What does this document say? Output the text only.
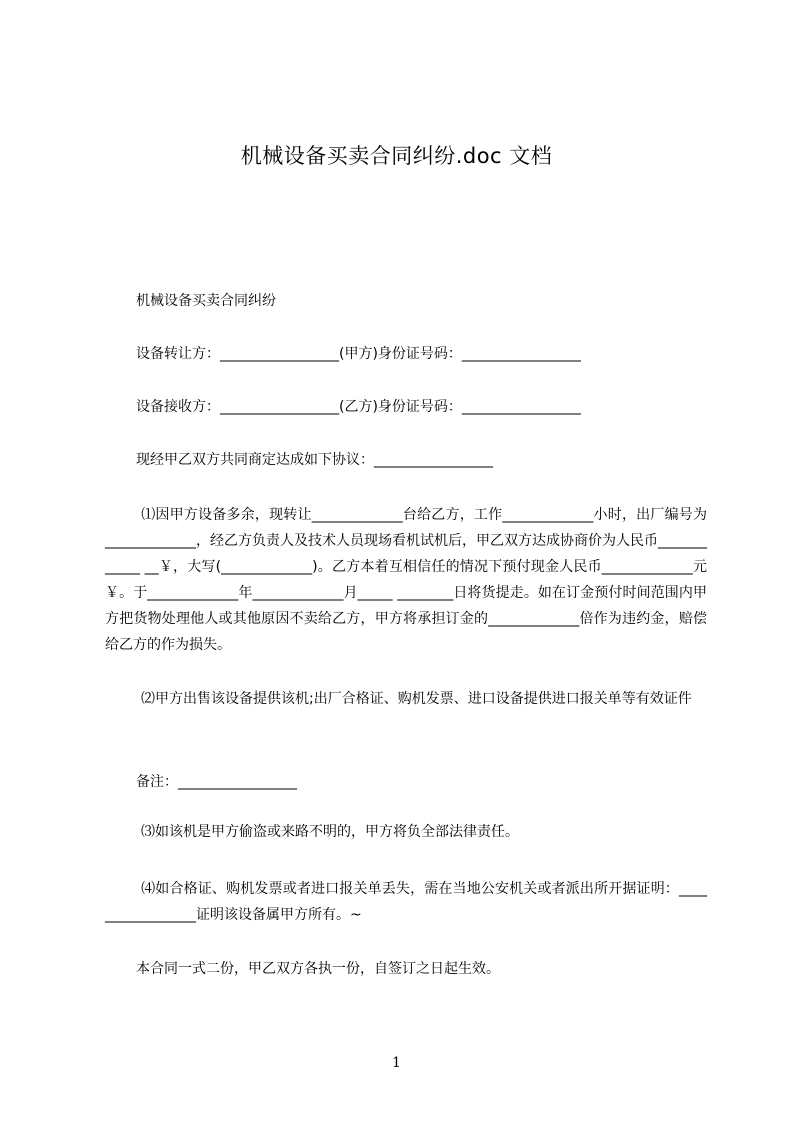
机械设备买卖合同纠纷.doc 文档
机械设备买卖合同纠纷
设备转让方：_________________(甲方)身份证号码：_________________
设备接收方：_________________(乙方)身份证号码：_________________
现经甲乙双方共同商定达成如下协议：_________________
⑴因甲方设备多余，现转让_____________台给乙方，工作_____________小时，出厂编号为_____________，经乙方负责人及技术人员现场看机试机后，甲乙双方达成协商价为人民币____________ __￥，大写(_____________)。乙方本着互相信任的情况下预付现金人民币_____________元￥。于_____________年_____________月_____ ________日将货提走。如在订金预付时间范围内甲方把货物处理他人或其他原因不卖给乙方，甲方将承担订金的_____________倍作为违约金，赔偿给乙方的作为损失。
⑵甲方出售该设备提供该机;出厂合格证、购机发票、进口设备提供进口报关单等有效证件
备注：_________________
⑶如该机是甲方偷盗或来路不明的，甲方将负全部法律责任。
⑷如合格证、购机发票或者进口报关单丢失，需在当地公安机关或者派出所开据证明：_________________证明该设备属甲方所有。~
本合同一式二份，甲乙双方各执一份，自签订之日起生效。
1
